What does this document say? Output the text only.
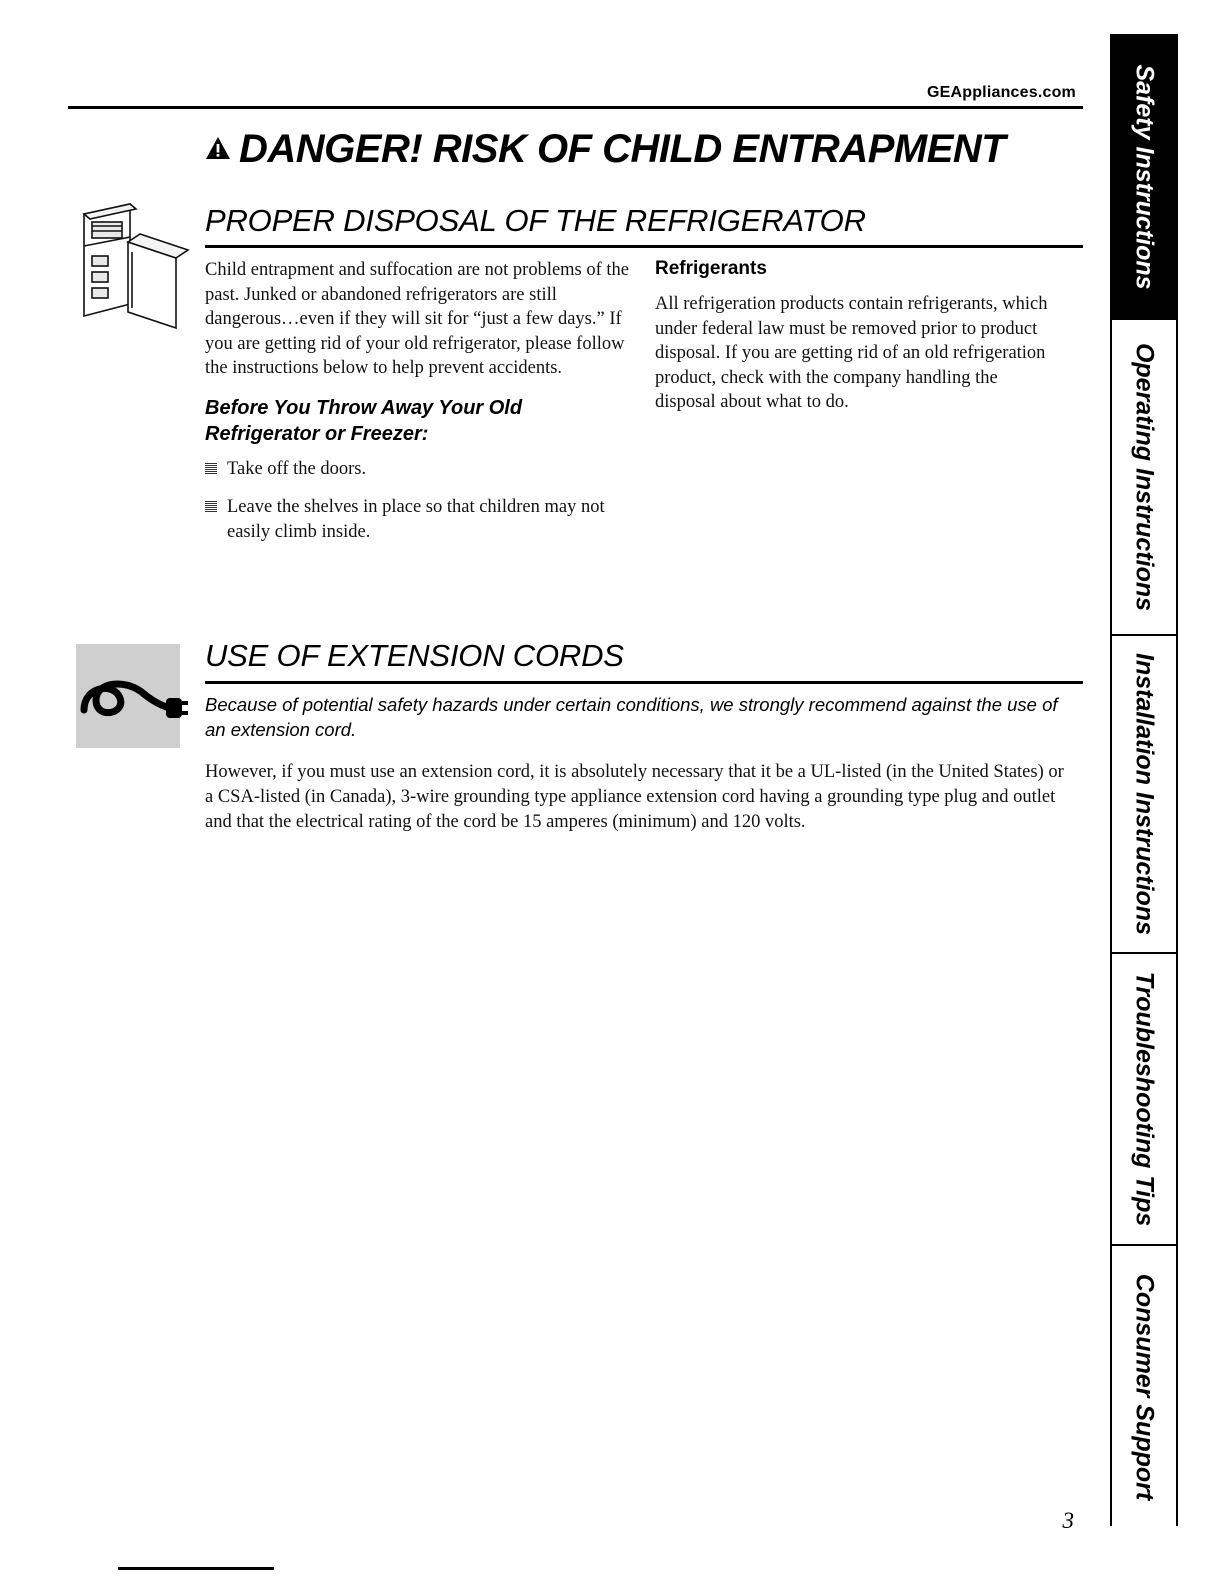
GEAppliances.com
DANGER! RISK OF CHILD ENTRAPMENT
PROPER DISPOSAL OF THE REFRIGERATOR

Child entrapment and suffocation are not problems of the past. Junked or abandoned refrigerators are still dangerous…even if they will sit for “just a few days.” If you are getting rid of your old refrigerator, please follow the instructions below to help prevent accidents.

Before You Throw Away Your Old Refrigerator or Freezer:
Take off the doors.
Leave the shelves in place so that children may not easily climb inside.
Refrigerants

All refrigeration products contain refrigerants, which under federal law must be removed prior to product disposal. If you are getting rid of an old refrigeration product, check with the company handling the disposal about what to do.

USE OF EXTENSION CORDS

Because of potential safety hazards under certain conditions, we strongly recommend against the use of an extension cord.

However, if you must use an extension cord, it is absolutely necessary that it be a UL-listed (in the United States) or a CSA-listed (in Canada), 3-wire grounding type appliance extension cord having a grounding type plug and outlet and that the electrical rating of the cord be 15 amperes (minimum) and 120 volts.

Safety Instructions
Operating Instructions
Installation Instructions
Troubleshooting Tips
Consumer Support
3
